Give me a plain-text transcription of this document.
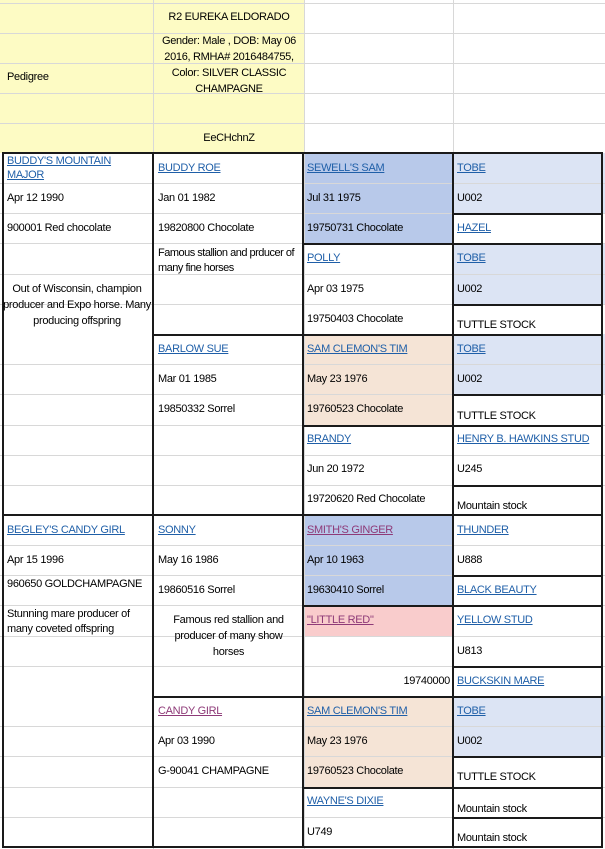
Pedigree
R2 EUREKA ELDORADO
Gender: Male , DOB: May 06 2016, RMHA# 2016484755, Color: SILVER CLASSIC CHAMPAGNE
EeCHchnZ
BUDDY'S MOUNTAIN MAJOR
Apr 12 1990
900001 Red chocolate
Out of Wisconsin, champion producer and Expo horse. Many producing offspring
BEGLEY'S CANDY GIRL
Apr 15 1996
960650 GOLDCHAMPAGNE
Stunning mare producer of many coveted offspring
BUDDY ROE
Jan 01 1982
19820800 Chocolate
Famous stallion and prducer of many fine horses
BARLOW SUE
Mar 01 1985
19850332 Sorrel
SONNY
May 16 1986
19860516 Sorrel
Famous red stallion and producer of many show horses
CANDY GIRL
Apr 03 1990
G-90041 CHAMPAGNE
SEWELL'S SAM
Jul 31 1975
19750731 Chocolate
POLLY
Apr 03 1975
19750403 Chocolate
SAM CLEMON'S TIM
May 23 1976
19760523 Chocolate
BRANDY
Jun 20 1972
19720620 Red Chocolate
SMITH'S GINGER
Apr 10 1963
19630410 Sorrel
"LITTLE RED"
19740000
SAM CLEMON'S TIM
May 23 1976
19760523 Chocolate
WAYNE'S DIXIE
U749
TOBE
U002
HAZEL
TOBE
U002
TUTTLE STOCK
TOBE
U002
TUTTLE STOCK
HENRY B. HAWKINS STUD
U245
Mountain stock
THUNDER
U888
BLACK BEAUTY
YELLOW STUD
U813
BUCKSKIN MARE
TOBE
U002
TUTTLE STOCK
Mountain stock
Mountain stock
